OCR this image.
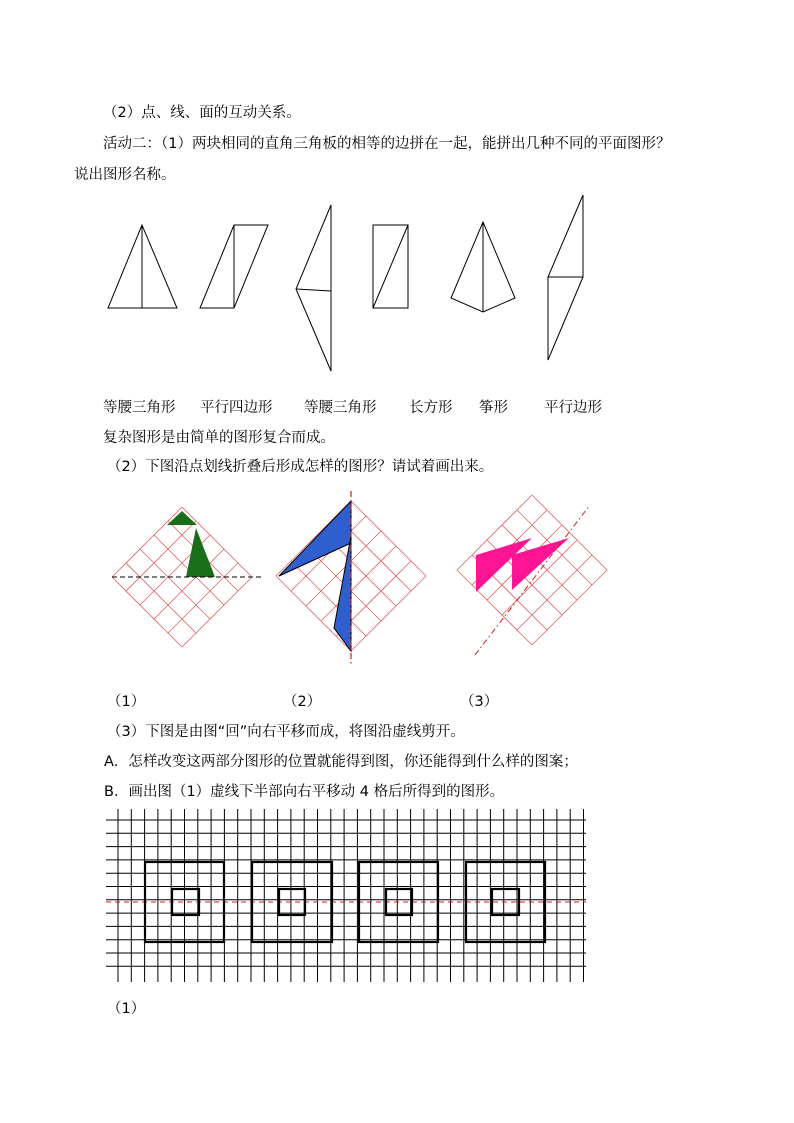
（2）点、线、面的互动关系。
活动二：（1）两块相同的直角三角板的相等的边拼在一起，能拼出几种不同的平面图形？
说出图形名称。
等腰三角形 平行四边形 等腰三角形 长方形 筝形 平行边形
复杂图形是由简单的图形复合而成。
（2）下图沿点划线折叠后形成怎样的图形？请试着画出来。
（1）	（2）	（3）
（3）下图是由图“回”向右平移而成，将图沿虚线剪开。
A．怎样改变这两部分图形的位置就能得到图，你还能得到什么样的图案；
B．画出图（1）虚线下半部向右平移动 4 格后所得到的图形。
（1）
